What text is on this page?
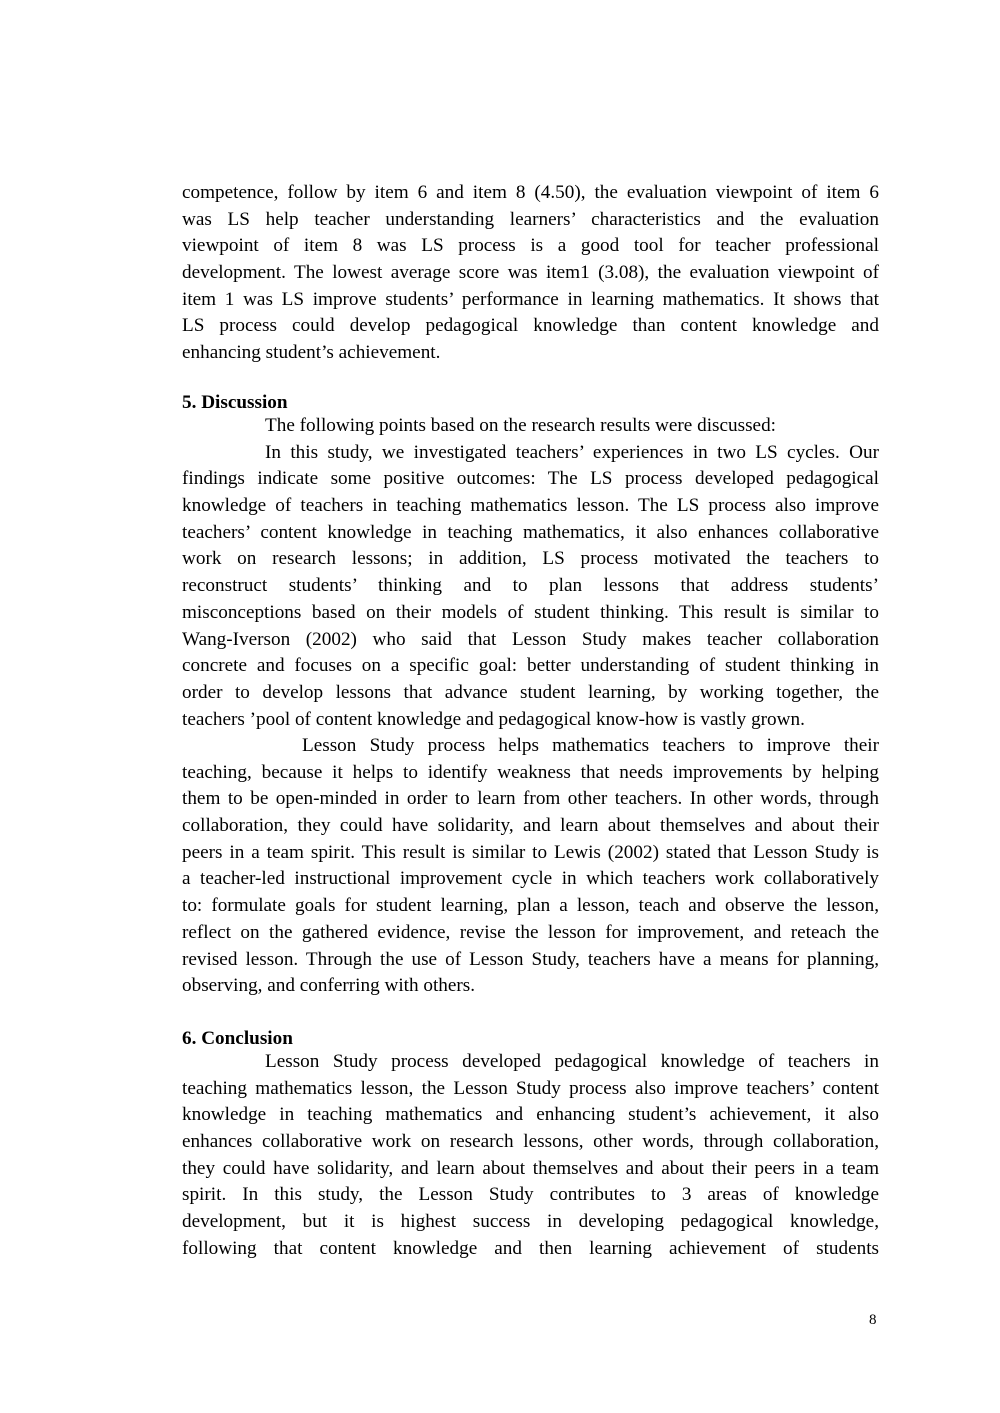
competence, follow by item 6 and item 8 (4.50), the evaluation viewpoint of item 6
was LS help teacher understanding learners’ characteristics and the evaluation
viewpoint of item 8 was LS process is a good tool for teacher professional
development. The lowest average score was item1 (3.08), the evaluation viewpoint of
item 1 was LS improve students’ performance in learning mathematics. It shows that
LS process could develop pedagogical knowledge than content knowledge and
enhancing student’s achievement.
5. Discussion
The following points based on the research results were discussed:
In this study, we investigated teachers’ experiences in two LS cycles. Our
findings indicate some positive outcomes: The LS process developed pedagogical
knowledge of teachers in teaching mathematics lesson. The LS process also improve
teachers’ content knowledge in teaching mathematics, it also enhances collaborative
work on research lessons; in addition, LS process motivated the teachers to
reconstruct students’ thinking and to plan lessons that address students’
misconceptions based on their models of student thinking. This result is similar to
Wang-Iverson (2002) who said that Lesson Study makes teacher collaboration
concrete and focuses on a specific goal: better understanding of student thinking in
order to develop lessons that advance student learning, by working together, the
teachers ’pool of content knowledge and pedagogical know-how is vastly grown.
Lesson Study process helps mathematics teachers to improve their
teaching, because it helps to identify weakness that needs improvements by helping
them to be open-minded in order to learn from other teachers. In other words, through
collaboration, they could have solidarity, and learn about themselves and about their
peers in a team spirit. This result is similar to Lewis (2002) stated that Lesson Study is
a teacher-led instructional improvement cycle in which teachers work collaboratively
to: formulate goals for student learning, plan a lesson, teach and observe the lesson,
reflect on the gathered evidence, revise the lesson for improvement, and reteach the
revised lesson. Through the use of Lesson Study, teachers have a means for planning,
observing, and conferring with others.
6. Conclusion
Lesson Study process developed pedagogical knowledge of teachers in
teaching mathematics lesson, the Lesson Study process also improve teachers’ content
knowledge in teaching mathematics and enhancing student’s achievement, it also
enhances collaborative work on research lessons, other words, through collaboration,
they could have solidarity, and learn about themselves and about their peers in a team
spirit. In this study, the Lesson Study contributes to 3 areas of knowledge
development, but it is highest success in developing pedagogical knowledge,
following that content knowledge and then learning achievement of students
8
